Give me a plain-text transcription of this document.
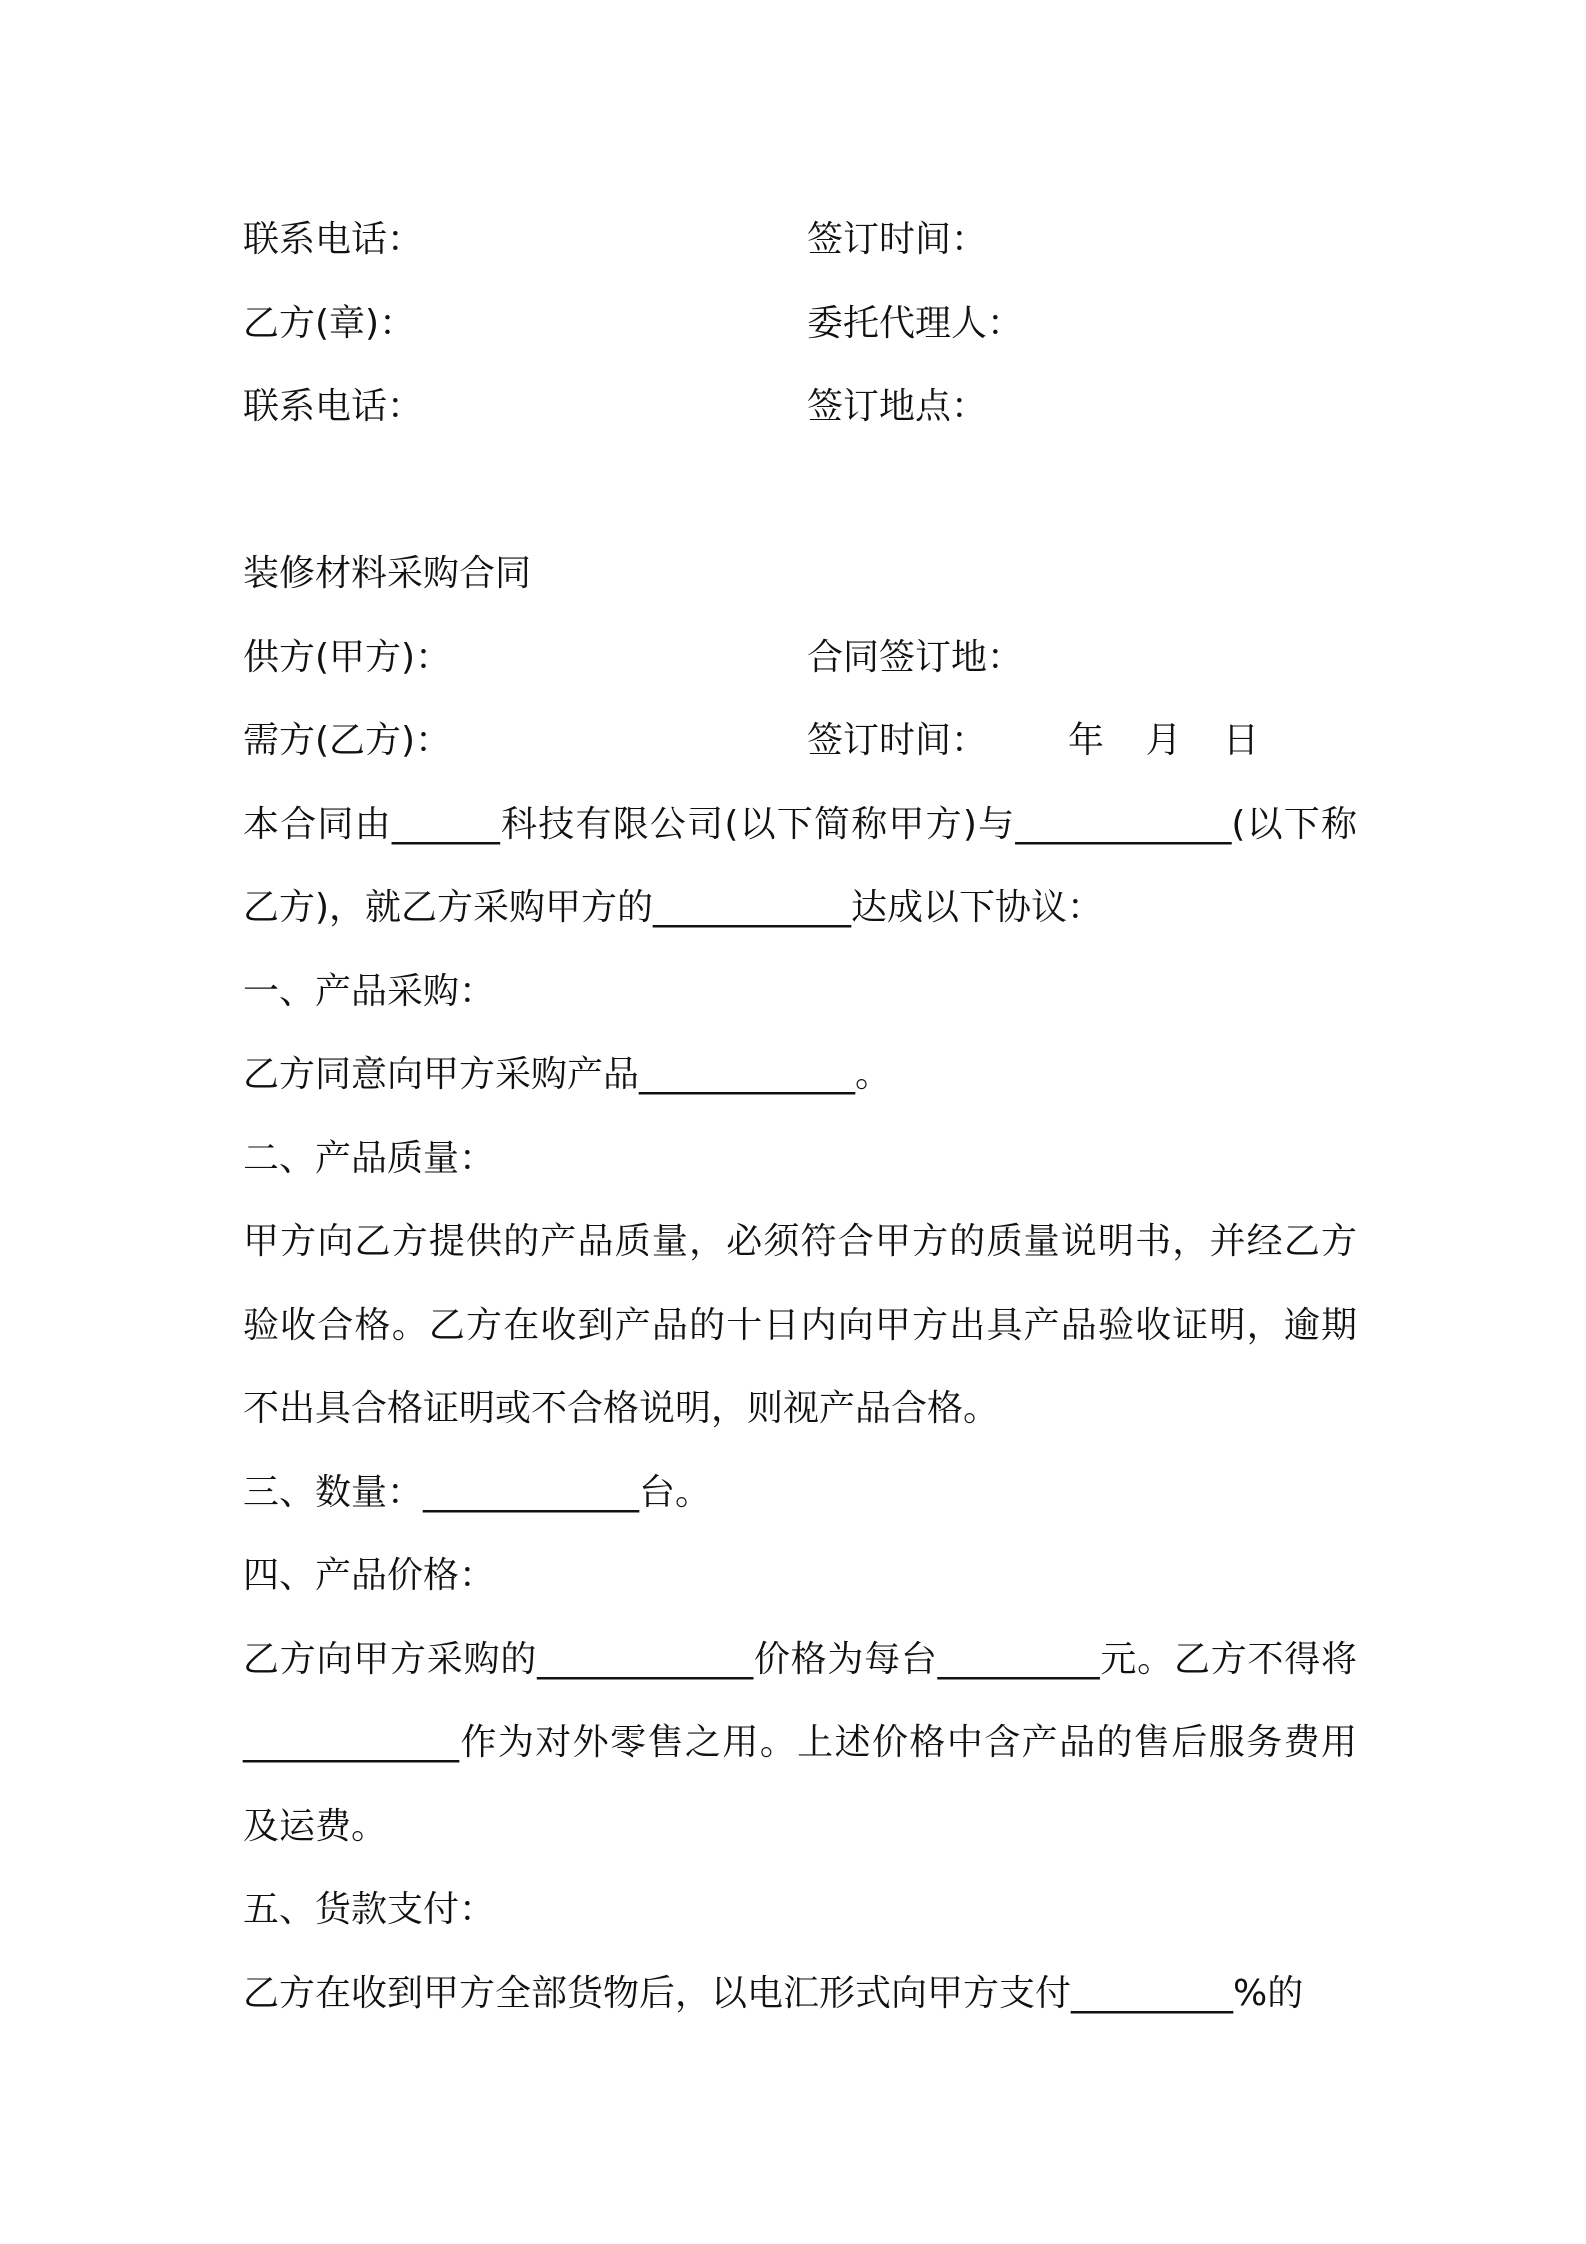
联系电话：	签订时间：
乙方(章)：	委托代理人：
联系电话：	签订地点：
装修材料采购合同
供方(甲方)：	合同签订地：
需方(乙方)：	签订时间： 年 月 日
本合同由______科技有限公司(以下简称甲方)与____________(以下称乙方)，就乙方采购甲方的___________达成以下协议：
一、产品采购：
乙方同意向甲方采购产品____________。
二、产品质量：
甲方向乙方提供的产品质量，必须符合甲方的质量说明书，并经乙方验收合格。乙方在收到产品的十日内向甲方出具产品验收证明，逾期不出具合格证明或不合格说明，则视产品合格。
三、数量：____________台。
四、产品价格：
乙方向甲方采购的____________价格为每台_________元。乙方不得将____________作为对外零售之用。上述价格中含产品的售后服务费用及运费。
五、货款支付：
乙方在收到甲方全部货物后，以电汇形式向甲方支付_________%的
